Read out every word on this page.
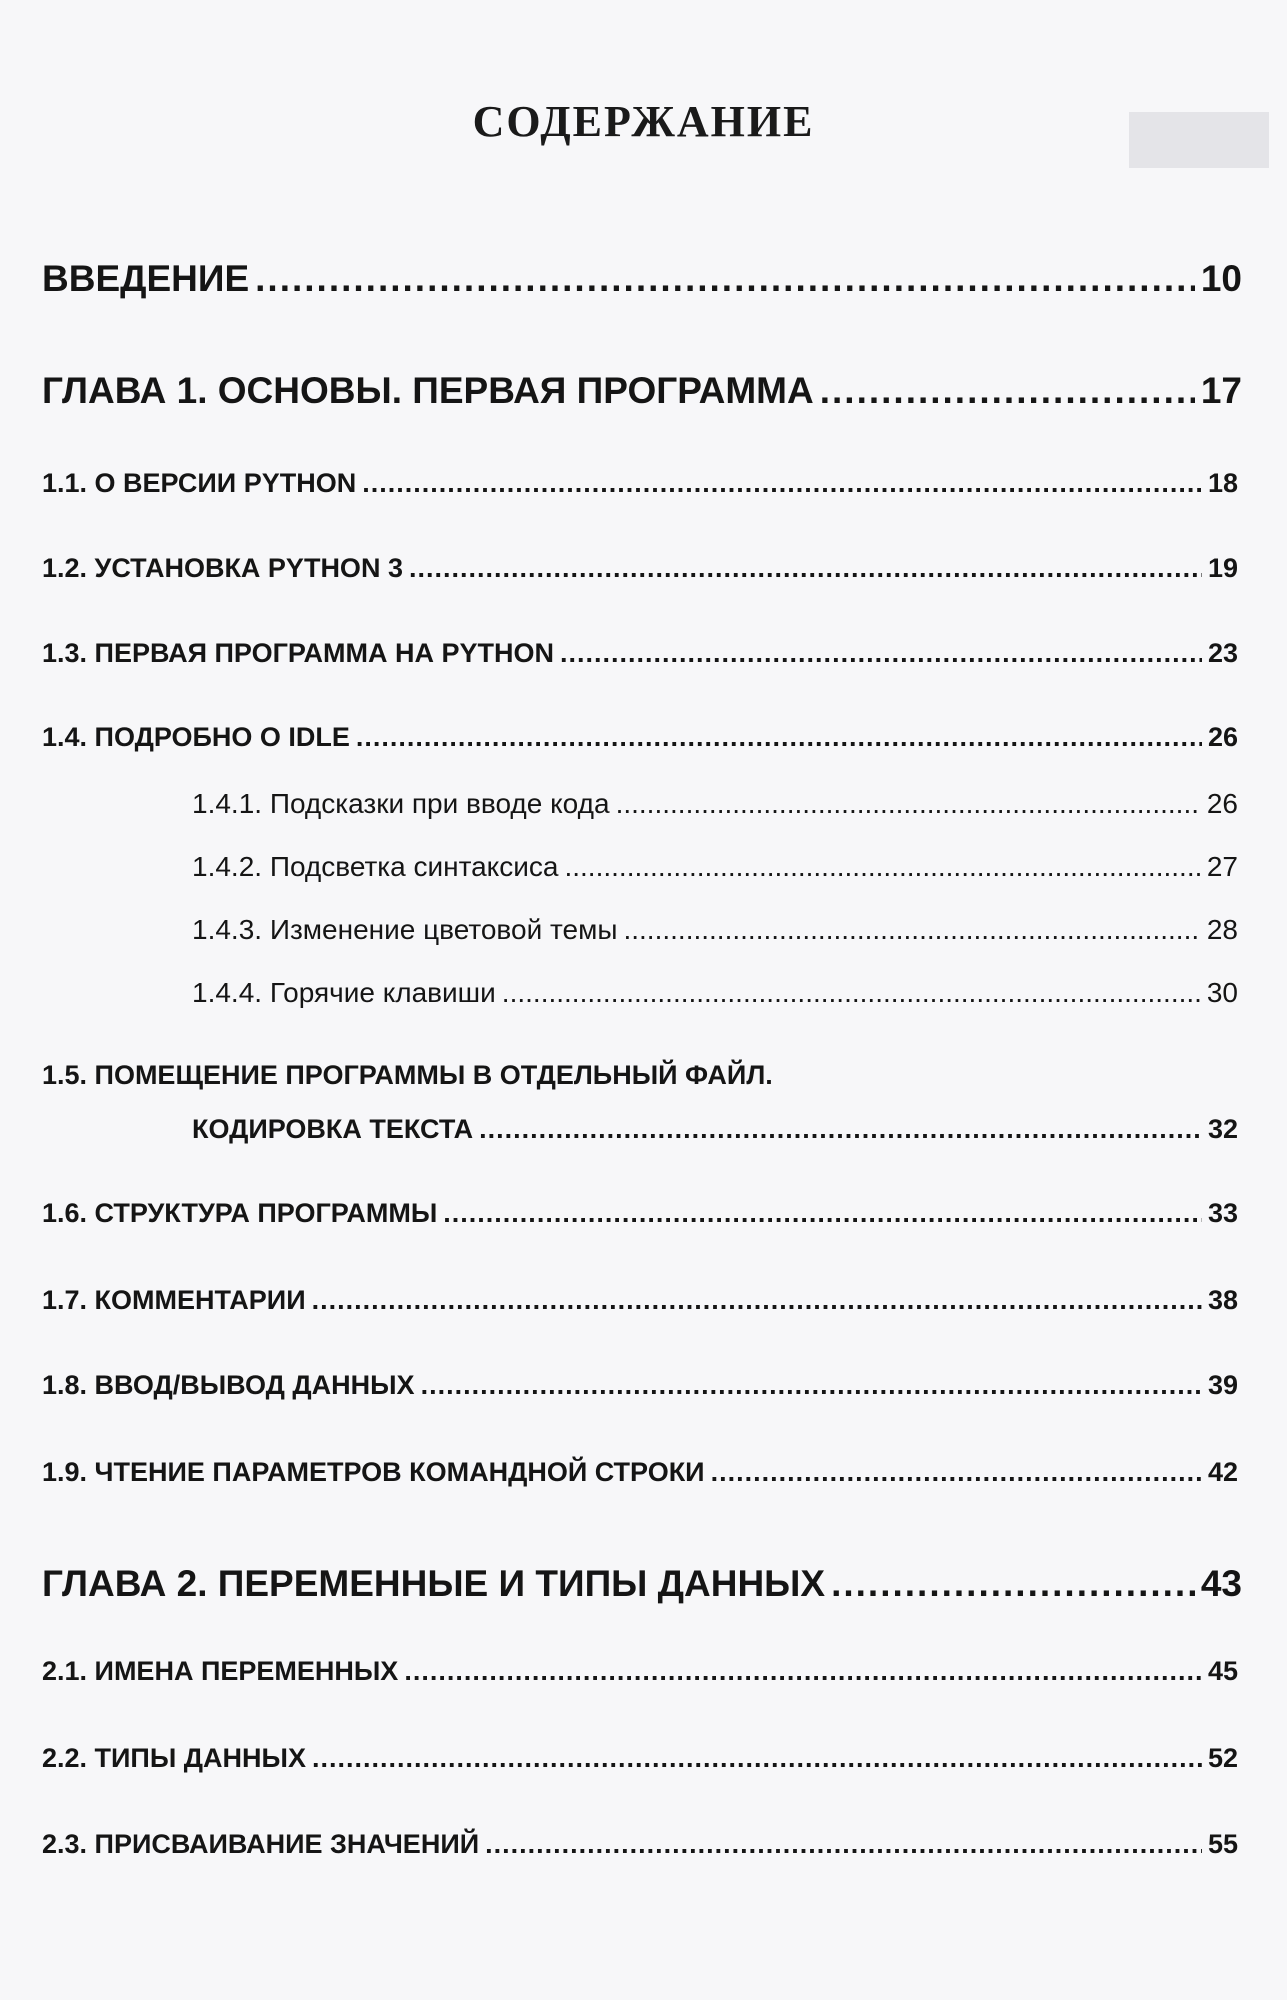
СОДЕРЖАНИЕ
ВВЕДЕНИЕ .....	10
ГЛАВА 1. ОСНОВЫ. ПЕРВАЯ ПРОГРАММА .....	17
1.1. О ВЕРСИИ PYTHON .....	18
1.2. УСТАНОВКА PYTHON 3 .....	19
1.3. ПЕРВАЯ ПРОГРАММА НА PYTHON .....	23
1.4. ПОДРОБНО О IDLE .....	26
1.4.1. Подсказки при вводе кода .....	26
1.4.2. Подсветка синтаксиса .....	27
1.4.3. Изменение цветовой темы .....	28
1.4.4. Горячие клавиши .....	30
1.5. ПОМЕЩЕНИЕ ПРОГРАММЫ В ОТДЕЛЬНЫЙ ФАЙЛ.
КОДИРОВКА ТЕКСТА .....	32
1.6. СТРУКТУРА ПРОГРАММЫ .....	33
1.7. КОММЕНТАРИИ .....	38
1.8. ВВОД/ВЫВОД ДАННЫХ .....	39
1.9. ЧТЕНИЕ ПАРАМЕТРОВ КОМАНДНОЙ СТРОКИ .....	42
ГЛАВА 2. ПЕРЕМЕННЫЕ И ТИПЫ ДАННЫХ .....	43
2.1. ИМЕНА ПЕРЕМЕННЫХ .....	45
2.2. ТИПЫ ДАННЫХ .....	52
2.3. ПРИСВАИВАНИЕ ЗНАЧЕНИЙ .....	55
